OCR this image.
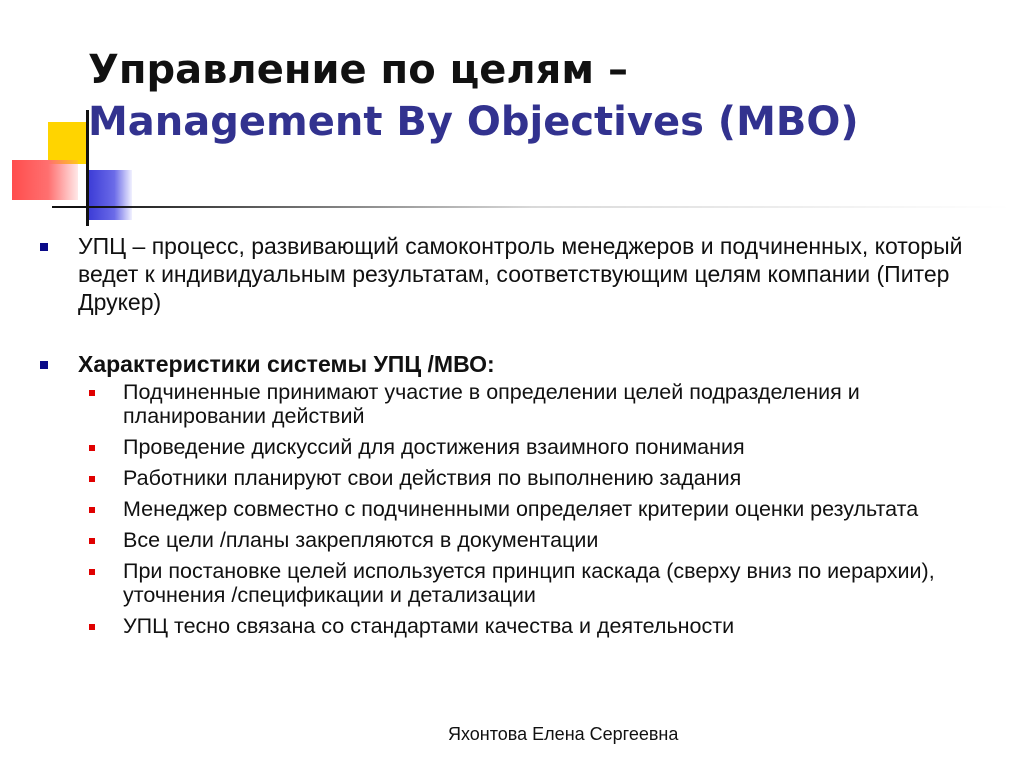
Управление по целям –
Management By Objectives (MBO)
УПЦ – процесс, развивающий самоконтроль менеджеров и подчиненных, который ведет к индивидуальным результатам, соответствующим целям компании (Питер Друкер)
Характеристики системы УПЦ /МВО:
Подчиненные принимают участие в определении целей подразделения и планировании действий
Проведение дискуссий для достижения взаимного понимания
Работники планируют свои действия по выполнению задания
Менеджер совместно с подчиненными определяет критерии оценки результата
Все цели /планы закрепляются в документации
При постановке целей используется принцип каскада (сверху вниз по иерархии), уточнения /спецификации и детализации
УПЦ тесно связана со стандартами качества и деятельности
Яхонтова Елена Сергеевна
